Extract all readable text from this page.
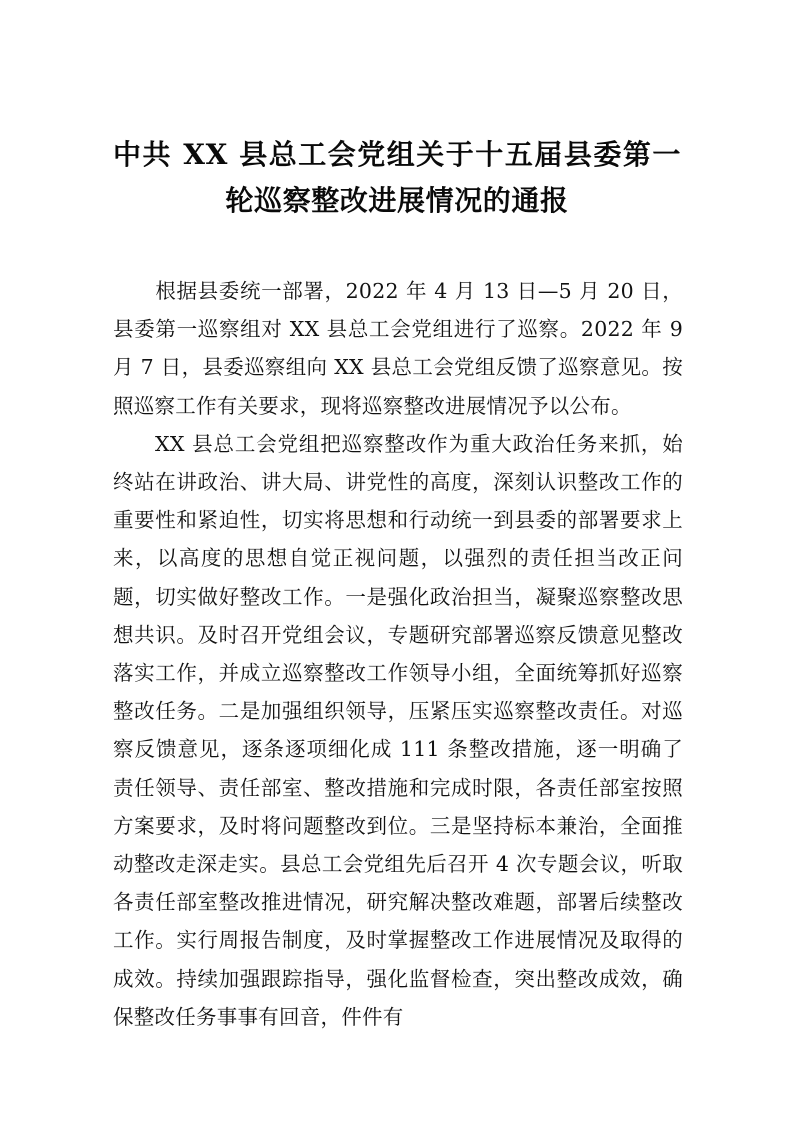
中共 XX 县总工会党组关于十五届县委第一
轮巡察整改进展情况的通报

根据县委统一部署，2022 年 4 月 13 日—5 月 20 日，县委第一巡察组对 XX 县总工会党组进行了巡察。2022 年 9 月 7 日，县委巡察组向 XX 县总工会党组反馈了巡察意见。按照巡察工作有关要求，现将巡察整改进展情况予以公布。

XX 县总工会党组把巡察整改作为重大政治任务来抓，始终站在讲政治、讲大局、讲党性的高度，深刻认识整改工作的重要性和紧迫性，切实将思想和行动统一到县委的部署要求上来，以高度的思想自觉正视问题，以强烈的责任担当改正问题，切实做好整改工作。一是强化政治担当，凝聚巡察整改思想共识。及时召开党组会议，专题研究部署巡察反馈意见整改落实工作，并成立巡察整改工作领导小组，全面统筹抓好巡察整改任务。二是加强组织领导，压紧压实巡察整改责任。对巡察反馈意见，逐条逐项细化成 111 条整改措施，逐一明确了责任领导、责任部室、整改措施和完成时限，各责任部室按照方案要求，及时将问题整改到位。三是坚持标本兼治，全面推动整改走深走实。县总工会党组先后召开 4 次专题会议，听取各责任部室整改推进情况，研究解决整改难题，部署后续整改工作。实行周报告制度，及时掌握整改工作进展情况及取得的成效。持续加强跟踪指导，强化监督检查，突出整改成效，确保整改任务事事有回音，件件有
